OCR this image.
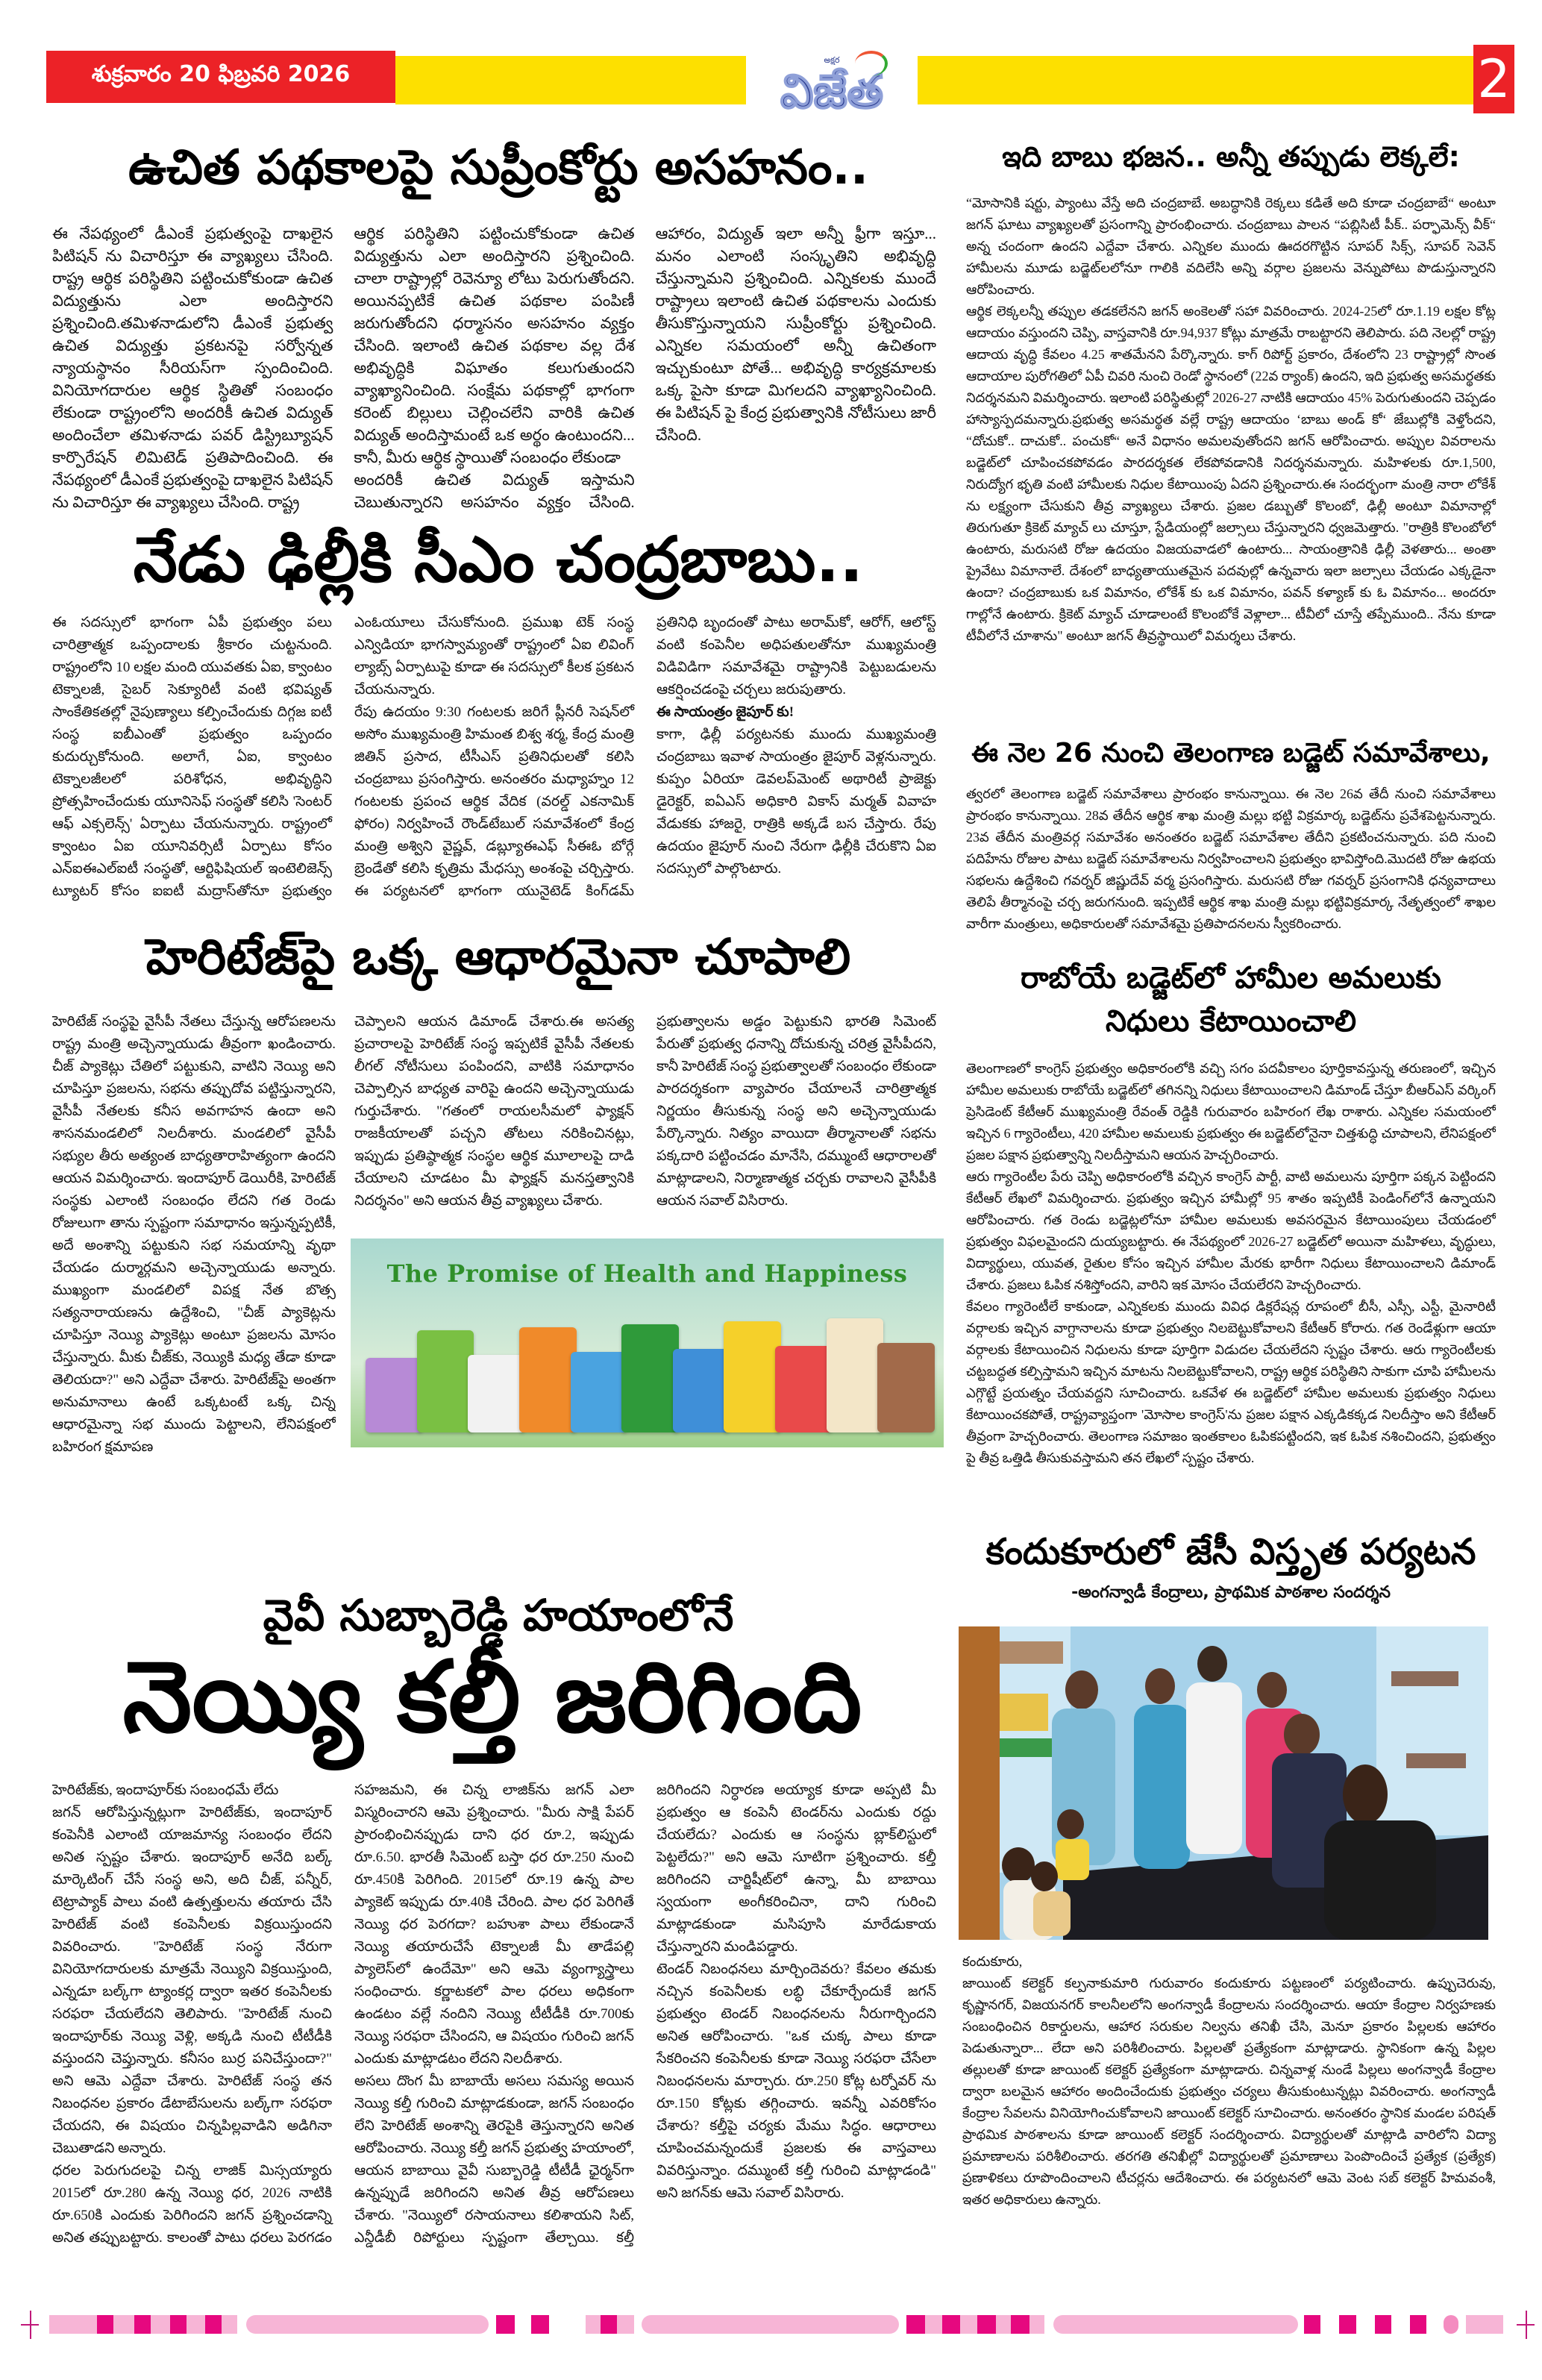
శుక్రవారం 20 ఫిబ్రవరి 2026
అక్షర
విజేత	2
ఉచిత పథకాలపై సుప్రీంకోర్టు అసహనం..

ఈ నేపథ్యంలో డీఎంకే ప్రభుత్వంపై దాఖలైన పిటిషన్ ను విచారిస్తూ ఈ వ్యాఖ్యలు చేసింది. రాష్ట్ర ఆర్థిక పరిస్థితిని పట్టించుకోకుండా ఉచిత విద్యుత్తును ఎలా అందిస్తారని ప్రశ్నించింది.తమిళనాడులోని డీఎంకే ప్రభుత్వ ఉచిత విద్యుత్తు ప్రకటనపై సర్వోన్నత న్యాయస్థానం సీరియస్‌గా స్పందించింది. వినియోగదారుల ఆర్థిక స్థితితో సంబంధం లేకుండా రాష్ట్రంలోని అందరికీ ఉచిత విద్యుత్ అందించేలా తమిళనాడు పవర్ డిస్ట్రిబ్యూషన్ కార్పొరేషన్ లిమిటెడ్ ప్రతిపాదించింది. ఈ నేపథ్యంలో డీఎంకే ప్రభుత్వంపై దాఖలైన పిటిషన్ ను విచారిస్తూ ఈ వ్యాఖ్యలు చేసింది. రాష్ట్ర

ఆర్థిక పరిస్థితిని పట్టించుకోకుండా ఉచిత విద్యుత్తును ఎలా అందిస్తారని ప్రశ్నించింది. చాలా రాష్ట్రాల్లో రెవెన్యూ లోటు పెరుగుతోందని. అయినప్పటికే ఉచిత పథకాల పంపిణీ జరుగుతోందని ధర్మాసనం అసహనం వ్యక్తం చేసింది. ఇలాంటి ఉచిత పథకాల వల్ల దేశ అభివృద్ధికి విఘాతం కలుగుతుందని వ్యాఖ్యానించింది. సంక్షేమ పథకాల్లో భాగంగా కరెంట్ బిల్లులు చెల్లించలేని వారికి ఉచిత విద్యుత్ అందిస్తామంటే ఒక అర్థం ఉంటుందని... కానీ, మీరు ఆర్థిక స్థాయితో సంబంధం లేకుండా

అందరికీ ఉచిత విద్యుత్ ఇస్తామని చెబుతున్నారని అసహనం వ్యక్తం చేసింది. ఆహారం, విద్యుత్ ఇలా అన్నీ ఫ్రీగా ఇస్తూ... మనం ఎలాంటి సంస్కృతిని అభివృద్ధి చేస్తున్నామని ప్రశ్నించింది. ఎన్నికలకు ముందే రాష్ట్రాలు ఇలాంటి ఉచిత పథకాలను ఎందుకు తీసుకొస్తున్నాయని సుప్రీంకోర్టు ప్రశ్నించింది. ఎన్నికల సమయంలో అన్నీ ఉచితంగా ఇచ్చుకుంటూ పోతే... అభివృద్ధి కార్యక్రమాలకు ఒక్క పైసా కూడా మిగలదని వ్యాఖ్యానించింది. ఈ పిటిషన్ పై కేంద్ర ప్రభుత్వానికి నోటీసులు జారీ చేసింది.

నేడు ఢిల్లీకి సీఎం చంద్రబాబు..

ఈ సదస్సులో భాగంగా ఏపీ ప్రభుత్వం పలు చారిత్రాత్మక ఒప్పందాలకు శ్రీకారం చుట్టనుంది. రాష్ట్రంలోని 10 లక్షల మంది యువతకు ఏఐ, క్వాంటం టెక్నాలజీ, సైబర్ సెక్యూరిటీ వంటి భవిష్యత్ సాంకేతికతల్లో నైపుణ్యాలు కల్పించేందుకు దిగ్గజ ఐటీ సంస్థ ఐబీఎంతో ప్రభుత్వం ఒప్పందం కుదుర్చుకోనుంది. అలాగే, ఏఐ, క్వాంటం టెక్నాలజీలలో పరిశోధన, అభివృద్ధిని ప్రోత్సహించేందుకు యూనిసెఫ్ సంస్థతో కలిసి 'సెంటర్ ఆఫ్ ఎక్సలెన్స్' ఏర్పాటు చేయనున్నారు. రాష్ట్రంలో క్వాంటం ఏఐ యూనివర్సిటీ ఏర్పాటు కోసం ఎన్ఐఈఎల్ఐటీ సంస్థతో, ఆర్టిఫిషియల్ ఇంటెలిజెన్స్ ట్యూటర్ కోసం ఐఐటీ మద్రాస్‌తోనూ ప్రభుత్వం ఎంఓయూలు చేసుకోనుంది. ప్రముఖ టెక్ సంస్థ ఎన్విడియా భాగస్వామ్యంతో రాష్ట్రంలో ఏఐ లివింగ్ ల్యాబ్స్ ఏర్పాటుపై కూడా ఈ సదస్సులో కీలక ప్రకటన చేయనున్నారు.

రేపు ఉదయం 9:30 గంటలకు జరిగే ప్లీనరీ సెషన్‌లో అసోం ముఖ్యమంత్రి హిమంత బిశ్వ శర్మ, కేంద్ర మంత్రి జితిన్ ప్రసాద, టీసీఎస్ ప్రతినిధులతో కలిసి చంద్రబాబు ప్రసంగిస్తారు. అనంతరం మధ్యాహ్నం 12 గంటలకు ప్రపంచ ఆర్థిక వేదిక (వరల్డ్ ఎకనామిక్ ఫోరం) నిర్వహించే రౌండ్‌టేబుల్ సమావేశంలో కేంద్ర మంత్రి అశ్విని వైష్ణవ్, డబ్ల్యూఈఎఫ్ సీఈఓ బోర్గే బ్రెండేతో కలిసి కృత్రిమ మేధస్సు అంశంపై చర్చిస్తారు. ఈ పర్యటనలో భాగంగా యునైటెడ్ కింగ్‌డమ్ ప్రతినిధి బృందంతో పాటు అరామ్‌కో, ఆరోగ్, ఆలోస్ట్ వంటి కంపెనీల అధిపతులతోనూ ముఖ్యమంత్రి విడివిడిగా సమావేశమై రాష్ట్రానికి పెట్టుబడులను ఆకర్షించడంపై చర్చలు జరుపుతారు.

ఈ సాయంత్రం జైపూర్ కు!

కాగా, ఢిల్లీ పర్యటనకు ముందు ముఖ్యమంత్రి చంద్రబాబు ఇవాళ సాయంత్రం జైపూర్ వెళ్లనున్నారు. కుప్పం ఏరియా డెవలప్‌మెంట్ అథారిటీ ప్రాజెక్టు డైరెక్టర్, ఐఏఎస్ అధికారి వికాస్ మర్మత్ వివాహ వేడుకకు హాజరై, రాత్రికి అక్కడే బస చేస్తారు. రేపు ఉదయం జైపూర్ నుంచి నేరుగా ఢిల్లీకి చేరుకొని ఏఐ సదస్సులో పాల్గొంటారు.

హెరిటేజ్‌పై ఒక్క ఆధారమైనా చూపాలి

హెరిటేజ్ సంస్థపై వైసీపీ నేతలు చేస్తున్న ఆరోపణలను రాష్ట్ర మంత్రి అచ్చెన్నాయుడు తీవ్రంగా ఖండించారు. చీజ్ ప్యాకెట్లు చేతిలో పట్టుకుని, వాటిని నెయ్యి అని చూపిస్తూ ప్రజలను, సభను తప్పుదోవ పట్టిస్తున్నారని, వైసీపీ నేతలకు కనీస అవగాహన ఉందా అని శాసనమండలిలో నిలదీశారు. మండలిలో వైసీపీ సభ్యుల తీరు అత్యంత బాధ్యతారాహిత్యంగా ఉందని ఆయన విమర్శించారు. ఇందాపూర్ డెయిరీకి, హెరిటేజ్ సంస్థకు ఎలాంటి సంబంధం లేదని గత రెండు రోజులుగా తాను స్పష్టంగా సమాధానం ఇస్తున్నప్పటికీ, అదే అంశాన్ని పట్టుకుని సభ సమయాన్ని వృథా చేయడం దుర్మార్గమని అచ్చెన్నాయుడు అన్నారు. ముఖ్యంగా మండలిలో విపక్ష నేత బొత్స సత్యనారాయణను ఉద్దేశించి, "చీజ్ ప్యాకెట్లను చూపిస్తూ నెయ్యి ప్యాకెట్లు అంటూ ప్రజలను మోసం చేస్తున్నారు. మీకు చీజ్‌కు, నెయ్యికి మధ్య తేడా కూడా తెలియదా?" అని ఎద్దేవా చేశారు. హెరిటేజ్‌పై అంతగా అనుమానాలు ఉంటే ఒక్కటంటే ఒక్క చిన్న ఆధారమైన్నా సభ ముందు పెట్టాలని, లేనిపక్షంలో బహిరంగ క్షమాపణ

చెప్పాలని ఆయన డిమాండ్ చేశారు.ఈ అసత్య ప్రచారాలపై హెరిటేజ్ సంస్థ ఇప్పటికే వైసీపీ నేతలకు లీగల్ నోటీసులు పంపిందని, వాటికి సమాధానం చెప్పాల్సిన బాధ్యత వారిపై ఉందని అచ్చెన్నాయుడు గుర్తుచేశారు. "గతంలో రాయలసీమలో ఫ్యాక్షన్ రాజకీయాలతో పచ్చని తోటలు నరికించినట్లు, ఇప్పుడు ప్రతిష్ఠాత్మక సంస్థల ఆర్థిక మూలాలపై దాడి చేయాలని చూడటం మీ ఫ్యాక్షన్ మనస్తత్వానికి నిదర్శనం" అని ఆయన తీవ్ర వ్యాఖ్యలు చేశారు.

ప్రభుత్వాలను అడ్డం పెట్టుకుని భారతి సిమెంట్ పేరుతో ప్రభుత్వ ధనాన్ని దోచుకున్న చరిత్ర వైసీపీదని, కానీ హెరిటేజ్ సంస్థ ప్రభుత్వాలతో సంబంధం లేకుండా పారదర్శకంగా వ్యాపారం చేయాలనే చారిత్రాత్మక నిర్ణయం తీసుకున్న సంస్థ అని అచ్చెన్నాయుడు పేర్కొన్నారు. నిత్యం వాయిదా తీర్మానాలతో సభను పక్కదారి పట్టించడం మానేసి, దమ్ముంటే ఆధారాలతో మాట్లాడాలని, నిర్మాణాత్మక చర్చకు రావాలని వైసీపీకి ఆయన సవాల్ విసిరారు.

The Promise of Health and Happiness
వైవీ సుబ్బారెడ్డి హయాంలోనే
నెయ్యి కల్తీ జరిగింది

హెరిటేజ్‌కు, ఇందాపూర్‌కు సంబంధమే లేదు

జగన్ ఆరోపిస్తున్నట్లుగా హెరిటేజ్‌కు, ఇందాపూర్ కంపెనీకి ఎలాంటి యాజమాన్య సంబంధం లేదని అనిత స్పష్టం చేశారు. ఇందాపూర్ అనేది బల్క్ మార్కెటింగ్ చేసే సంస్థ అని, అది చీజ్, పన్నీర్, టెట్రాప్యాక్ పాలు వంటి ఉత్పత్తులను తయారు చేసి హెరిటేజ్ వంటి కంపెనీలకు విక్రయిస్తుందని వివరించారు. "హెరిటేజ్ సంస్థ నేరుగా వినియోగదారులకు మాత్రమే నెయ్యిని విక్రయిస్తుంది, ఎన్నడూ బల్క్‌గా ట్యాంకర్ల ద్వారా ఇతర కంపెనీలకు సరఫరా చేయలేదని తెలిపారు. "హెరిటేజ్ నుంచి ఇందాపూర్‌కు నెయ్యి వెళ్లి, అక్కడి నుంచి టీటీడీకి వస్తుందని చెప్తున్నారు. కనీసం బుర్ర పనిచేస్తుందా?" అని ఆమె ఎద్దేవా చేశారు. హెరిటేజ్ సంస్థ తన నిబంధనల ప్రకారం డేటాబేసులను బల్క్‌గా సరఫరా చేయదని, ఈ విషయం చిన్నపిల్లవాడిని అడిగినా చెబుతాడని అన్నారు.

ధరల పెరుగుదలపై చిన్న లాజిక్ మిస్సయ్యారు 2015లో రూ.280 ఉన్న నెయ్యి ధర, 2026 నాటికి రూ.650కి ఎందుకు పెరిగిందని జగన్ ప్రశ్నించడాన్ని అనిత తప్పుబట్టారు. కాలంతో పాటు ధరలు పెరగడం సహజమని, ఈ చిన్న లాజిక్‌ను జగన్ ఎలా విస్మరించారని ఆమె ప్రశ్నించారు. "మీరు సాక్షి పేపర్ ప్రారంభించినప్పుడు దాని ధర రూ.2, ఇప్పుడు రూ.6.50. భారతీ సిమెంట్ బస్తా ధర రూ.250 నుంచి రూ.450కి పెరిగింది. 2015లో రూ.19 ఉన్న పాల ప్యాకెట్ ఇప్పుడు రూ.40కి చేరింది. పాల ధర పెరిగితే నెయ్యి ధర పెరగదా? బహుశా పాలు లేకుండానే నెయ్యి తయారుచేసే టెక్నాలజీ మీ తాడేపల్లి ప్యాలెస్‌లో ఉందేమో" అని ఆమె వ్యంగ్యాస్త్రాలు సంధించారు. కర్ణాటకలో పాల ధరలు అధికంగా ఉండటం వల్లే నందిని నెయ్యి టీటీడీకి రూ.700కు నెయ్యి సరఫరా చేసిందని, ఆ విషయం గురించి జగన్ ఎందుకు మాట్లాడటం లేదని నిలదీశారు.

అసలు దొంగ మీ బాబాయే అసలు సమస్య అయిన నెయ్యి కల్తీ గురించి మాట్లాడకుండా, జగన్ సంబంధం లేని హెరిటేజ్ అంశాన్ని తెరపైకి తెస్తున్నారని అనిత ఆరోపించారు. నెయ్యి కల్తీ జగన్ ప్రభుత్వ హయాంలో, ఆయన బాబాయి వైవీ సుబ్బారెడ్డి టీటీడీ ఛైర్మన్‌గా ఉన్నప్పుడే జరిగిందని అనిత తీవ్ర ఆరోపణలు చేశారు. "నెయ్యిలో రసాయనాలు కలిశాయని సిట్, ఎన్డీడీబీ రిపోర్టులు స్పష్టంగా తేల్చాయి. కల్తీ జరిగిందని నిర్ధారణ అయ్యాక కూడా అప్పటి మీ ప్రభుత్వం ఆ కంపెనీ టెండర్‌ను ఎందుకు రద్దు చేయలేదు? ఎందుకు ఆ సంస్థను బ్లాక్‌లిస్టులో పెట్టలేదు?" అని ఆమె సూటిగా ప్రశ్నించారు. కల్తీ జరిగిందని చార్జిషీట్‌లో ఉన్నా, మీ బాబాయి స్వయంగా అంగీకరించినా, దాని గురించి మాట్లాడకుండా మసిపూసి మారేడుకాయ చేస్తున్నారని మండిపడ్డారు.

టెండర్ నిబంధనలు మార్చిందెవరు? కేవలం తమకు నచ్చిన కంపెనీలకు లబ్ధి చేకూర్చేందుకే జగన్ ప్రభుత్వం టెండర్ నిబంధనలను నీరుగార్చిందని అనిత ఆరోపించారు. "ఒక చుక్క పాలు కూడా సేకరించని కంపెనీలకు కూడా నెయ్యి సరఫరా చేసేలా నిబంధనలను మార్చారు. రూ.250 కోట్ల టర్నోవర్ ను రూ.150 కోట్లకు తగ్గించారు. ఇవన్నీ ఎవరికోసం చేశారు? కల్తీపై చర్యకు మేము సిద్ధం. ఆధారాలు చూపించమన్నందుకే ప్రజలకు ఈ వాస్తవాలు వివరిస్తున్నాం. దమ్ముంటే కల్తీ గురించి మాట్లాడండి" అని జగన్‌కు ఆమె సవాల్ విసిరారు.

ఇది బాబు భజన.. అన్నీ తప్పుడు లెక్కలే:

“మోసానికి షర్టు, ప్యాంటు వేస్తే అది చంద్రబాబే. అబద్ధానికి రెక్కలు కడితే అది కూడా చంద్రబాబే“ అంటూ జగన్ ఘాటు వ్యాఖ్యలతో ప్రసంగాన్ని ప్రారంభించారు. చంద్రబాబు పాలన “పబ్లిసిటీ పీక్.. పర్ఫామెన్స్ వీక్“ అన్న చందంగా ఉందని ఎద్దేవా చేశారు. ఎన్నికల ముందు ఊదరగొట్టిన సూపర్ సిక్స్, సూపర్ సెవెన్ హామీలను మూడు బడ్జెట్‌లలోనూ గాలికి వదిలేసి అన్ని వర్గాల ప్రజలను వెన్నుపోటు పొడుస్తున్నారని ఆరోపించారు.

ఆర్థిక లెక్కలన్నీ తప్పుల తడకలేనని జగన్ అంకెలతో సహా వివరించారు. 2024-25లో రూ.1.19 లక్షల కోట్ల ఆదాయం వస్తుందని చెప్పి, వాస్తవానికి రూ.94,937 కోట్లు మాత్రమే రాబట్టారని తెలిపారు. పది నెలల్లో రాష్ట్ర ఆదాయ వృద్ధి కేవలం 4.25 శాతమేనని పేర్కొన్నారు. కాగ్ రిపోర్ట్ ప్రకారం, దేశంలోని 23 రాష్ట్రాల్లో సొంత ఆదాయాల పురోగతిలో ఏపీ చివరి నుంచి రెండో స్థానంలో (22వ ర్యాంక్) ఉందని, ఇది ప్రభుత్వ అసమర్థతకు నిదర్శనమని విమర్శించారు. ఇలాంటి పరిస్థితుల్లో 2026-27 నాటికి ఆదాయం 45% పెరుగుతుందని చెప్పడం హాస్యాస్పదమన్నారు.ప్రభుత్వ అసమర్థత వల్లే రాష్ట్ర ఆదాయం ‘బాబు అండ్ కో‘ జేబుల్లోకి వెళ్తోందని, “దోచుకో.. దాచుకో.. పంచుకో“ అనే విధానం అమలవుతోందని జగన్ ఆరోపించారు. అప్పుల వివరాలను బడ్జెట్‌లో చూపించకపోవడం పారదర్శకత లేకపోవడానికి నిదర్శనమన్నారు. మహిళలకు రూ.1,500, నిరుద్యోగ భృతి వంటి హామీలకు నిధుల కేటాయింపు ఏదని ప్రశ్నించారు.ఈ సందర్భంగా మంత్రి నారా లోకేశ్ ను లక్ష్యంగా చేసుకుని తీవ్ర వ్యాఖ్యలు చేశారు. ప్రజల డబ్బుతో కొలంబో, ఢిల్లీ అంటూ విమానాల్లో తిరుగుతూ క్రికెట్ మ్యాచ్ లు చూస్తూ, స్టేడియంల్లో జల్సాలు చేస్తున్నారని ధ్వజమెత్తారు. "రాత్రికి కొలంబోలో ఉంటారు, మరుసటి రోజు ఉదయం విజయవాడలో ఉంటారు... సాయంత్రానికి ఢిల్లీ వెళతారు... అంతా ప్రైవేటు విమానాలే. దేశంలో బాధ్యతాయుతమైన పదవుల్లో ఉన్నవారు ఇలా జల్సాలు చేయడం ఎక్కడైనా ఉందా? చంద్రబాబుకు ఒక విమానం, లోకేశ్ కు ఒక విమానం, పవన్ కళ్యాణ్ కు ఓ విమానం... అందరూ గాల్లోనే ఉంటారు. క్రికెట్ మ్యాచ్ చూడాలంటే కొలంబోకే వెళ్లాలా... టీవీలో చూస్తే తప్పేముంది.. నేను కూడా టీవీలోనే చూశాను" అంటూ జగన్ తీవ్రస్థాయిలో విమర్శలు చేశారు.

ఈ నెల 26 నుంచి తెలంగాణ బడ్జెట్ సమావేశాలు,

త్వరలో తెలంగాణ బడ్జెట్ సమావేశాలు ప్రారంభం కానున్నాయి. ఈ నెల 26వ తేదీ నుంచి సమావేశాలు ప్రారంభం కానున్నాయి. 28వ తేదీన ఆర్థిక శాఖ మంత్రి మల్లు భట్టి విక్రమార్క బడ్జెట్‌ను ప్రవేశపెట్టనున్నారు. 23వ తేదీన మంత్రివర్గ సమావేశం అనంతరం బడ్జెట్ సమావేశాల తేదీని ప్రకటించనున్నారు. పది నుంచి పదిహేను రోజుల పాటు బడ్జెట్ సమావేశాలను నిర్వహించాలని ప్రభుత్వం భావిస్తోంది.మొదటి రోజు ఉభయ సభలను ఉద్దేశించి గవర్నర్ జిష్ణుదేవ్ వర్మ ప్రసంగిస్తారు. మరుసటి రోజు గవర్నర్ ప్రసంగానికి ధన్యవాదాలు తెలిపే తీర్మానంపై చర్చ జరుగనుంది. ఇప్పటికే ఆర్థిక శాఖ మంత్రి మల్లు భట్టివిక్రమార్క నేతృత్వంలో శాఖల వారీగా మంత్రులు, అధికారులతో సమావేశమై ప్రతిపాదనలను స్వీకరించారు.

రాబోయే బడ్జెట్‌లో హామీల అమలుకు
నిధులు కేటాయించాలి

తెలంగాణలో కాంగ్రెస్ ప్రభుత్వం అధికారంలోకి వచ్చి సగం పదవీకాలం పూర్తికావస్తున్న తరుణంలో, ఇచ్చిన హామీల అమలుకు రాబోయే బడ్జెట్‌లో తగినన్ని నిధులు కేటాయించాలని డిమాండ్ చేస్తూ బీఆర్ఎస్ వర్కింగ్ ప్రెసిడెంట్ కేటీఆర్ ముఖ్యమంత్రి రేవంత్ రెడ్డికి గురువారం బహిరంగ లేఖ రాశారు. ఎన్నికల సమయంలో ఇచ్చిన 6 గ్యారెంటీలు, 420 హామీల అమలుకు ప్రభుత్వం ఈ బడ్జెట్‌లోనైనా చిత్తశుద్ధి చూపాలని, లేనిపక్షంలో ప్రజల పక్షాన ప్రభుత్వాన్ని నిలదీస్తామని ఆయన హెచ్చరించారు.

ఆరు గ్యారెంటీల పేరు చెప్పి అధికారంలోకి వచ్చిన కాంగ్రెస్ పార్టీ, వాటి అమలును పూర్తిగా పక్కన పెట్టిందని కేటీఆర్ లేఖలో విమర్శించారు. ప్రభుత్వం ఇచ్చిన హామీల్లో 95 శాతం ఇప్పటికీ పెండింగ్‌లోనే ఉన్నాయని ఆరోపించారు. గత రెండు బడ్జెట్లలోనూ హామీల అమలుకు అవసరమైన కేటాయింపులు చేయడంలో ప్రభుత్వం విఫలమైందని దుయ్యబట్టారు. ఈ నేపథ్యంలో 2026-27 బడ్జెట్‌లో అయినా మహిళలు, వృద్ధులు, విద్యార్థులు, యువత, రైతుల కోసం ఇచ్చిన హామీల మేరకు భారీగా నిధులు కేటాయించాలని డిమాండ్ చేశారు. ప్రజలు ఓపిక నశిస్తోందని, వారిని ఇక మోసం చేయలేరని హెచ్చరించారు.

కేవలం గ్యారెంటీలే కాకుండా, ఎన్నికలకు ముందు వివిధ డిక్లరేషన్ల రూపంలో బీసీ, ఎస్సీ, ఎస్టీ, మైనారిటీ వర్గాలకు ఇచ్చిన వాగ్దానాలను కూడా ప్రభుత్వం నిలబెట్టుకోవాలని కేటీఆర్ కోరారు. గత రెండేళ్లుగా ఆయా వర్గాలకు కేటాయించిన నిధులను కూడా పూర్తిగా విడుదల చేయలేదని స్పష్టం చేశారు. ఆరు గ్యారెంటీలకు చట్టబద్ధత కల్పిస్తామని ఇచ్చిన మాటను నిలబెట్టుకోవాలని, రాష్ట్ర ఆర్థిక పరిస్థితిని సాకుగా చూపి హామీలను ఎగ్గొట్టే ప్రయత్నం చేయవద్దని సూచించారు. ఒకవేళ ఈ బడ్జెట్‌లో హామీల అమలుకు ప్రభుత్వం నిధులు కేటాయించకపోతే, రాష్ట్రవ్యాప్తంగా 'మోసాల కాంగ్రెస్'ను ప్రజల పక్షాన ఎక్కడికక్కడ నిలదీస్తాం అని కేటీఆర్ తీవ్రంగా హెచ్చరించారు. తెలంగాణ సమాజం ఇంతకాలం ఓపికపట్టిందని, ఇక ఓపిక నశించిందని, ప్రభుత్వం పై తీవ్ర ఒత్తిడి తీసుకువస్తామని తన లేఖలో స్పష్టం చేశారు.

కందుకూరులో జేసీ విస్తృత పర్యటన
-అంగన్వాడీ కేంద్రాలు, ప్రాథమిక పాఠశాల సందర్శన

కందుకూరు,

జాయింట్ కలెక్టర్ కల్పనాకుమారి గురువారం కందుకూరు పట్టణంలో పర్యటించారు. ఉప్పుచెరువు, కృష్ణానగర్, విజయనగర్ కాలనీలలోని అంగన్వాడీ కేంద్రాలను సందర్శించారు. ఆయా కేంద్రాల నిర్వహణకు సంబంధించిన రికార్డులను, ఆహార సరుకుల నిల్వను తనిఖీ చేసి, మెనూ ప్రకారం పిల్లలకు ఆహారం పెడుతున్నారా... లేదా అని పరిశీలించారు. పిల్లలతో ప్రత్యేకంగా మాట్లాడారు. స్థానికంగా ఉన్న పిల్లల తల్లులతో కూడా జాయింట్ కలెక్టర్ ప్రత్యేకంగా మాట్లాడారు. చిన్నవాళ్ల నుండే పిల్లలు అంగన్వాడీ కేంద్రాల ద్వారా బలమైన ఆహారం అందించేందుకు ప్రభుత్వం చర్యలు తీసుకుంటున్నట్లు వివరించారు. అంగన్వాడీ కేంద్రాల సేవలను వినియోగించుకోవాలని జాయింట్ కలెక్టర్ సూచించారు. అనంతరం స్థానిక మండల పరిషత్ ప్రాథమిక పాఠశాలను కూడా జాయింట్ కలెక్టర్ సందర్శించారు. విద్యార్థులతో మాట్లాడి వారిలోని విద్యా ప్రమాణాలను పరిశీలించారు. తరగతి తనిఖీల్లో విద్యార్థులతో ప్రమాణాలు పెంపొందించే ప్రత్యేక (ప్రత్యేక) ప్రణాళికలు రూపొందించాలని టీచర్లను ఆదేశించారు. ఈ పర్యటనలో ఆమె వెంట సబ్ కలెక్టర్ హిమవంశీ, ఇతర అధికారులు ఉన్నారు.
